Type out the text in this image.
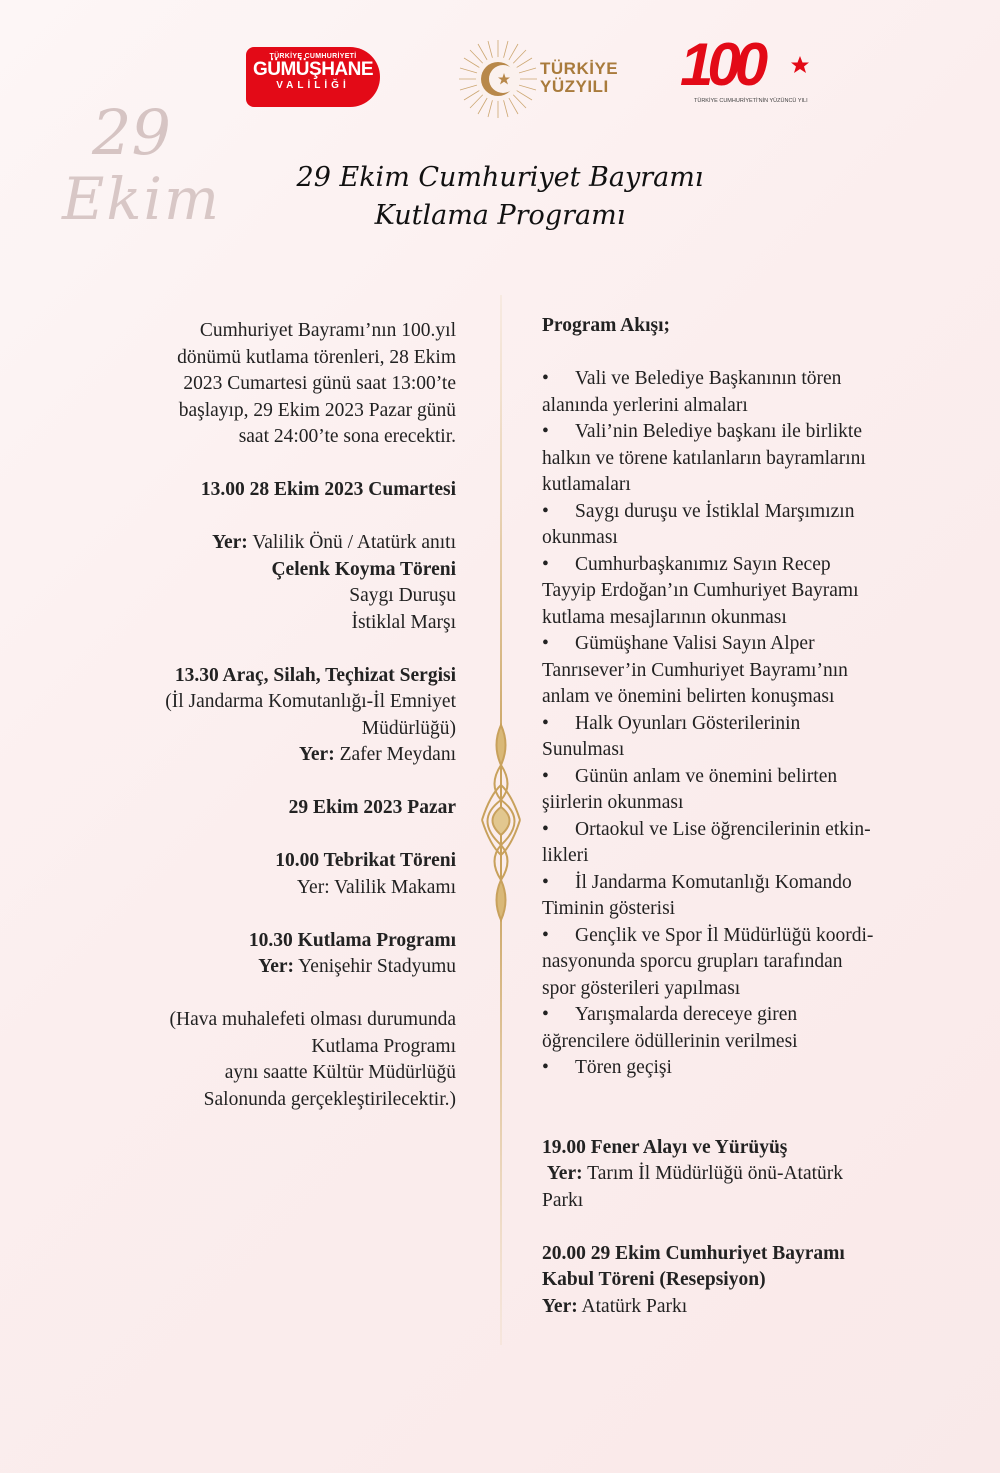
TÜRKİYE CUMHURİYETİ
GÜMÜŞHANE
VALİLİĞİ
TÜRKİYE
YÜZYILI 100
TÜRKİYE CUMHURİYETİ'NİN YÜZÜNCÜ YILI
29
Ekim	29 Ekim Cumhuriyet Bayramı
Kutlama Programı

Cumhuriyet Bayramı’nın 100.yıl

dönümü kutlama törenleri, 28 Ekim

2023 Cumartesi günü saat 13:00’te

başlayıp, 29 Ekim 2023 Pazar günü

saat 24:00’te sona erecektir.

13.00 28 Ekim 2023 Cumartesi

Yer: Valilik Önü / Atatürk anıtı

Çelenk Koyma Töreni

Saygı Duruşu

İstiklal Marşı

13.30 Araç, Silah, Teçhizat Sergisi

(İl Jandarma Komutanlığı-İl Emniyet

Müdürlüğü)

Yer: Zafer Meydanı

29 Ekim 2023 Pazar

10.00 Tebrikat Töreni

Yer: Valilik Makamı

10.30 Kutlama Programı

Yer: Yenişehir Stadyumu

(Hava muhalefeti olması durumunda

Kutlama Programı

aynı saatte Kültür Müdürlüğü

Salonunda gerçekleştirilecektir.)

Program Akışı;

• Vali ve Belediye Başkanının tören
alanında yerlerini almaları
• Vali’nin Belediye başkanı ile birlikte
halkın ve törene katılanların bayramlarını
kutlamaları
• Saygı duruşu ve İstiklal Marşımızın
okunması
• Cumhurbaşkanımız Sayın Recep
Tayyip Erdoğan’ın Cumhuriyet Bayramı
kutlama mesajlarının okunması
• Gümüşhane Valisi Sayın Alper
Tanrısever’in Cumhuriyet Bayramı’nın
anlam ve önemini belirten konuşması
• Halk Oyunları Gösterilerinin
Sunulması
• Günün anlam ve önemini belirten
şiirlerin okunması
• Ortaokul ve Lise öğrencilerinin etkin-
likleri
• İl Jandarma Komutanlığı Komando
Timinin gösterisi
• Gençlik ve Spor İl Müdürlüğü koordi-
nasyonunda sporcu grupları tarafından
spor gösterileri yapılması
• Yarışmalarda dereceye giren
öğrencilere ödüllerinin verilmesi
• Tören geçişi

19.00 Fener Alayı ve Yürüyüş

Yer: Tarım İl Müdürlüğü önü-Atatürk

Parkı

20.00 29 Ekim Cumhuriyet Bayramı

Kabul Töreni (Resepsiyon)

Yer: Atatürk Parkı
